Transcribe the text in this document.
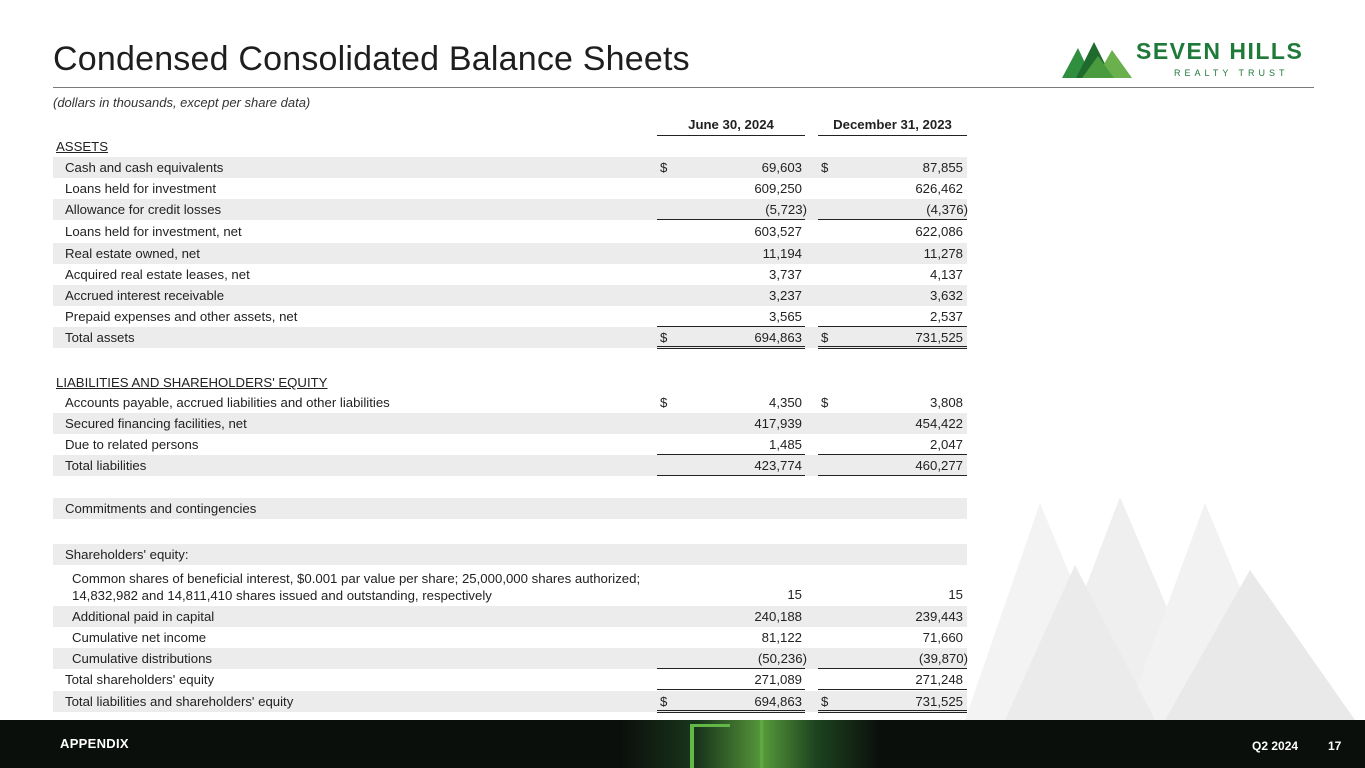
Condensed Consolidated Balance Sheets
(dollars in thousands, except per share data)
SEVEN HILLS
REALTY TRUST
June 30, 2024	December 31, 2023
ASSETS
Cash and cash equivalents	$	69,603 $	87,855
Loans held for investment	609,250	626,462
Allowance for credit losses	(5,723)	(4,376)
Loans held for investment, net	603,527	622,086
Real estate owned, net	11,194	11,278
Acquired real estate leases, net	3,737	4,137
Accrued interest receivable	3,237	3,632
Prepaid expenses and other assets, net	3,565	2,537
Total assets	$	694,863 $	731,525
LIABILITIES AND SHAREHOLDERS' EQUITY
Accounts payable, accrued liabilities and other liabilities	$	4,350 $	3,808
Secured financing facilities, net	417,939	454,422
Due to related persons	1,485	2,047
Total liabilities	423,774	460,277
Commitments and contingencies
Shareholders' equity:
Common shares of beneficial interest, $0.001 par value per share; 25,000,000 shares authorized; 14,832,982 and 14,811,410 shares issued and outstanding, respectively	15	15
Additional paid in capital	240,188	239,443
Cumulative net income	81,122	71,660
Cumulative distributions	(50,236)	(39,870)
Total shareholders' equity	271,089	271,248
Total liabilities and shareholders' equity	$	694,863 $	731,525
APPENDIX	Q2 2024 17
